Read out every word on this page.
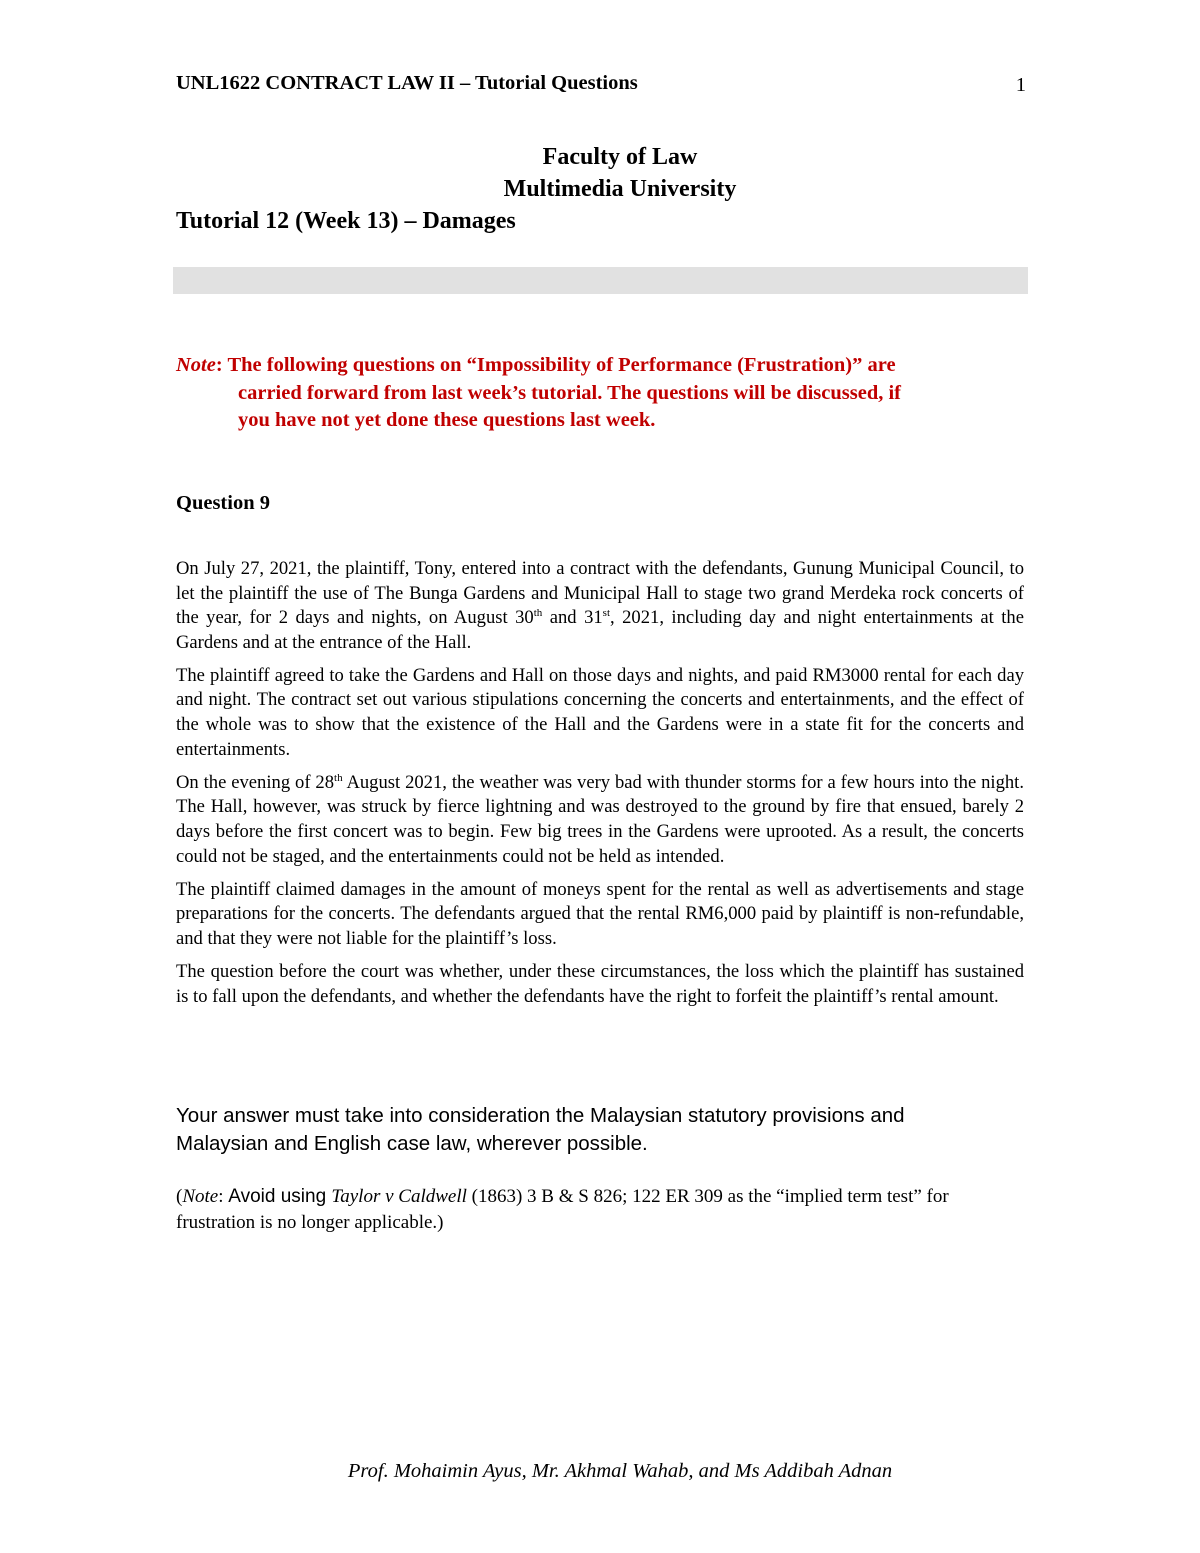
UNL1622 CONTRACT LAW II – Tutorial Questions	1
Faculty of Law
Multimedia University
Tutorial 12 (Week 13) – Damages
Note: The following questions on “Impossibility of Performance (Frustration)” are
carried forward from last week’s tutorial. The questions will be discussed, if
you have not yet done these questions last week.
Question 9

On July 27, 2021, the plaintiff, Tony, entered into a contract with the defendants, Gunung Municipal Council, to let the plaintiff the use of The Bunga Gardens and Municipal Hall to stage two grand Merdeka rock concerts of the year, for 2 days and nights, on August 30th and 31st, 2021, including day and night entertainments at the Gardens and at the entrance of the Hall.

The plaintiff agreed to take the Gardens and Hall on those days and nights, and paid RM3000 rental for each day and night. The contract set out various stipulations concerning the concerts and entertainments, and the effect of the whole was to show that the existence of the Hall and the Gardens were in a state fit for the concerts and entertainments.

On the evening of 28th August 2021, the weather was very bad with thunder storms for a few hours into the night. The Hall, however, was struck by fierce lightning and was destroyed to the ground by fire that ensued, barely 2 days before the first concert was to begin. Few big trees in the Gardens were uprooted. As a result, the concerts could not be staged, and the entertainments could not be held as intended.

The plaintiff claimed damages in the amount of moneys spent for the rental as well as advertisements and stage preparations for the concerts. The defendants argued that the rental RM6,000 paid by plaintiff is non-refundable, and that they were not liable for the plaintiff’s loss.

The question before the court was whether, under these circumstances, the loss which the plaintiff has sustained is to fall upon the defendants, and whether the defendants have the right to forfeit the plaintiff’s rental amount.

Your answer must take into consideration the Malaysian statutory provisions and Malaysian and English case law, wherever possible.
(Note: Avoid using Taylor v Caldwell (1863) 3 B & S 826; 122 ER 309 as the “implied term test” for frustration is no longer applicable.)
Prof. Mohaimin Ayus, Mr. Akhmal Wahab, and Ms Addibah Adnan
